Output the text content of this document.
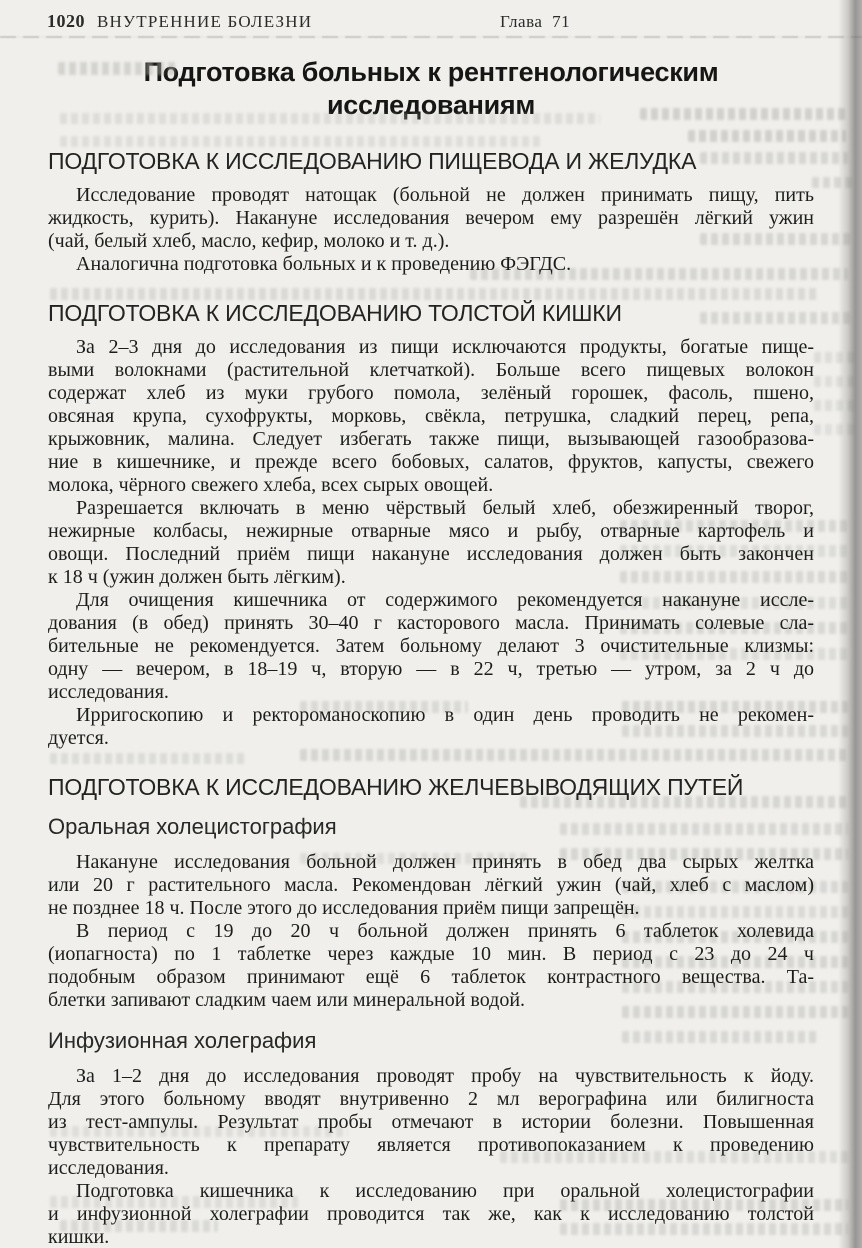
1020 ВНУТРЕННИЕ БОЛЕЗНИ	Глава 71
Подготовка больных к рентгенологическим
исследованиям
ПОДГОТОВКА К ИССЛЕДОВАНИЮ ПИЩЕВОДА И ЖЕЛУДКА
Исследование проводят натощак (больной не должен принимать пищу, пить
жидкость, курить). Накануне исследования вечером ему разрешён лёгкий ужин
(чай, белый хлеб, масло, кефир, молоко и т. д.).
Аналогична подготовка больных и к проведению ФЭГДС.
ПОДГОТОВКА К ИССЛЕДОВАНИЮ ТОЛСТОЙ КИШКИ
За 2–3 дня до исследования из пищи исключаются продукты, богатые пище-
выми волокнами (растительной клетчаткой). Больше всего пищевых волокон
содержат хлеб из муки грубого помола, зелёный горошек, фасоль, пшено,
овсяная крупа, сухофрукты, морковь, свёкла, петрушка, сладкий перец, репа,
крыжовник, малина. Следует избегать также пищи, вызывающей газообразова-
ние в кишечнике, и прежде всего бобовых, салатов, фруктов, капусты, свежего
молока, чёрного свежего хлеба, всех сырых овощей.
Разрешается включать в меню чёрствый белый хлеб, обезжиренный творог,
нежирные колбасы, нежирные отварные мясо и рыбу, отварные картофель и
овощи. Последний приём пищи накануне исследования должен быть закончен
к 18 ч (ужин должен быть лёгким).
Для очищения кишечника от содержимого рекомендуется накануне иссле-
дования (в обед) принять 30–40 г касторового масла. Принимать солевые сла-
бительные не рекомендуется. Затем больному делают 3 очистительные клизмы:
одну — вечером, в 18–19 ч, вторую — в 22 ч, третью — утром, за 2 ч до
исследования.
Ирригоскопию и ректороманоскопию в один день проводить не рекомен-
дуется.
ПОДГОТОВКА К ИССЛЕДОВАНИЮ ЖЕЛЧЕВЫВОДЯЩИХ ПУТЕЙ
Оральная холецистография
Накануне исследования больной должен принять в обед два сырых желтка
или 20 г растительного масла. Рекомендован лёгкий ужин (чай, хлеб с маслом)
не позднее 18 ч. После этого до исследования приём пищи запрещён.
В период с 19 до 20 ч больной должен принять 6 таблеток холевида
(иопагноста) по 1 таблетке через каждые 10 мин. В период с 23 до 24 ч
подобным образом принимают ещё 6 таблеток контрастного вещества. Та-
блетки запивают сладким чаем или минеральной водой.
Инфузионная холеграфия
За 1–2 дня до исследования проводят пробу на чувствительность к йоду.
Для этого больному вводят внутривенно 2 мл верографина или билигноста
из тест-ампулы. Результат пробы отмечают в истории болезни. Повышенная
чувствительность к препарату является противопоказанием к проведению
исследования.
Подготовка кишечника к исследованию при оральной холецистографии
и инфузионной холеграфии проводится так же, как к исследованию толстой
кишки.
